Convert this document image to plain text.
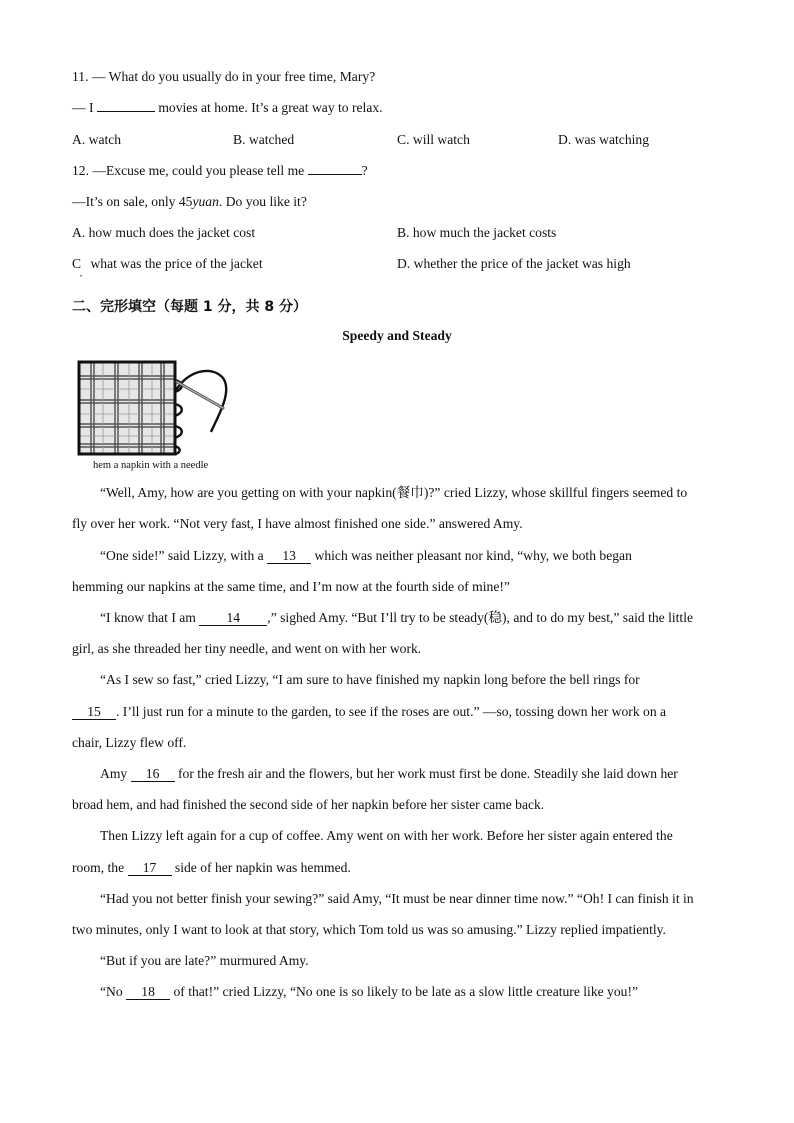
11. — What do you usually do in your free time, Mary?
— I	movies at home. It’s a great way to relax.
A. watch	B. watched	C. will watch	D. was watching
12. —Excuse me, could you please tell me	?
—It’s on sale, only 45yuan. Do you like it?
A. how much does the jacket cost	B. how much the jacket costs
C what was the price of the jacket
•
D. whether the price of the jacket was high
二、完形填空（每题 1 分，共 8 分）
Speedy and Steady
hem a napkin with a needle
“Well, Amy, how are you getting on with your napkin(餐巾)?” cried Lizzy, whose skillful fingers seemed to
fly over her work. “Not very fast, I have almost finished one side.” answered Amy.
“One side!” said Lizzy, with a 13 which was neither pleasant nor kind, “why, we both began
hemming our napkins at the same time, and I’m now at the fourth side of mine!”
“I know that I am 14 ,” sighed Amy. “But I’ll try to be steady(稳), and to do my best,” said the little
girl, as she threaded her tiny needle, and went on with her work.
“As I sew so fast,” cried Lizzy, “I am sure to have finished my napkin long before the bell rings for
15 . I’ll just run for a minute to the garden, to see if the roses are out.” —so, tossing down her work on a
chair, Lizzy flew off.
Amy 16 for the fresh air and the flowers, but her work must first be done. Steadily she laid down her
broad hem, and had finished the second side of her napkin before her sister came back.
Then Lizzy left again for a cup of coffee. Amy went on with her work. Before her sister again entered the
room, the 17 side of her napkin was hemmed.
“Had you not better finish your sewing?” said Amy, “It must be near dinner time now.” “Oh! I can finish it in
two minutes, only I want to look at that story, which Tom told us was so amusing.” Lizzy replied impatiently.
“But if you are late?” murmured Amy.
“No 18 of that!” cried Lizzy, “No one is so likely to be late as a slow little creature like you!”
